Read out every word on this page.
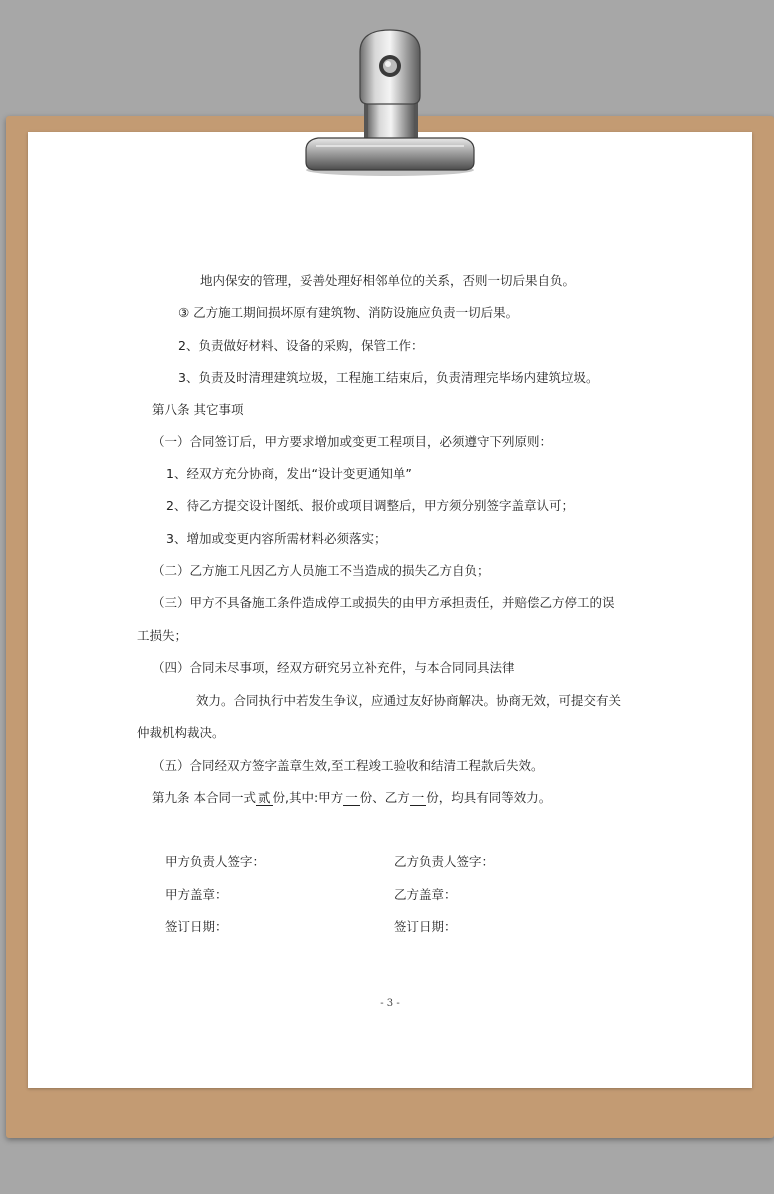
地内保安的管理，妥善处理好相邻单位的关系，否则一切后果自负。
③ 乙方施工期间损坏原有建筑物、消防设施应负责一切后果。
2、负责做好材料、设备的采购，保管工作：
3、负责及时清理建筑垃圾，工程施工结束后，负责清理完毕场内建筑垃圾。
第八条 其它事项
（一）合同签订后，甲方要求增加或变更工程项目，必须遵守下列原则：
1、经双方充分协商，发出“设计变更通知单”
2、待乙方提交设计图纸、报价或项目调整后，甲方须分别签字盖章认可；
3、增加或变更内容所需材料必须落实；
（二）乙方施工凡因乙方人员施工不当造成的损失乙方自负；
（三）甲方不具备施工条件造成停工或损失的由甲方承担责任，并赔偿乙方停工的误
工损失；
（四）合同未尽事项，经双方研究另立补充件，与本合同同具法律
效力。合同执行中若发生争议，应通过友好协商解决。协商无效，可提交有关
仲裁机构裁决。
（五）合同经双方签字盖章生效,至工程竣工验收和结清工程款后失效。
第九条 本合同一式 贰 份,其中:甲方 一 份、乙方 一 份，均具有同等效力。
甲方负责人签字：	乙方负责人签字：
甲方盖章：	乙方盖章：
签订日期：	签订日期：
- 3 -
